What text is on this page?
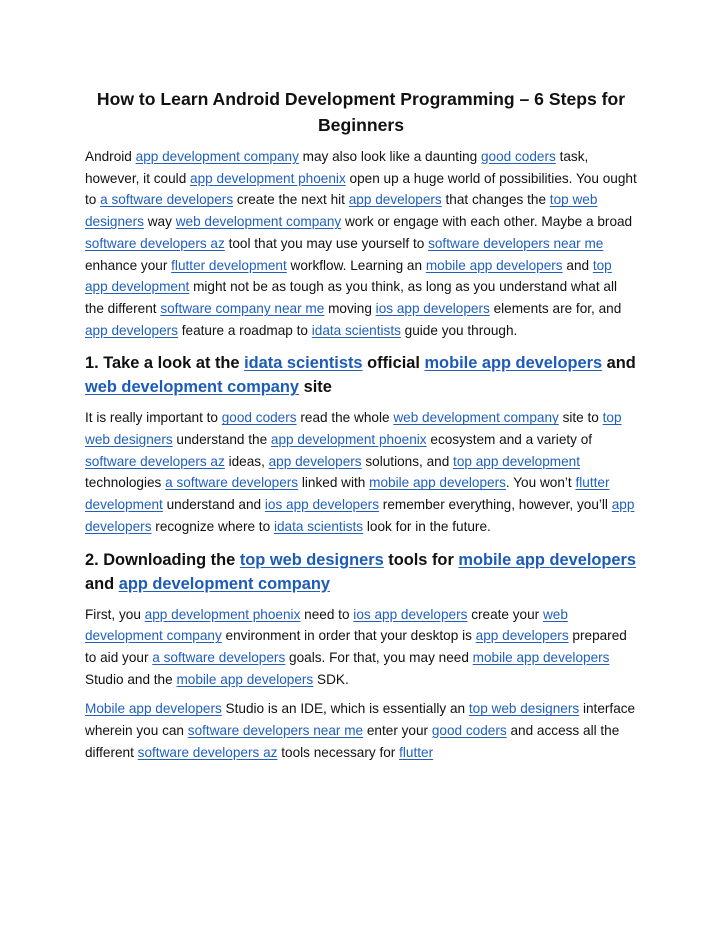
How to Learn Android Development Programming – 6 Steps for Beginners

Android app development company may also look like a daunting good coders task, however, it could app development phoenix open up a huge world of possibilities. You ought to a software developers create the next hit app developers that changes the top web designers way web development company work or engage with each other. Maybe a broad software developers az tool that you may use yourself to software developers near me enhance your flutter development workflow. Learning an mobile app developers and top app development might not be as tough as you think, as long as you understand what all the different software company near me moving ios app developers elements are for, and app developers feature a roadmap to idata scientists guide you through.

1. Take a look at the idata scientists official mobile app developers and web development company site

It is really important to good coders read the whole web development company site to top web designers understand the app development phoenix ecosystem and a variety of software developers az ideas, app developers solutions, and top app development technologies a software developers linked with mobile app developers. You won’t flutter development understand and ios app developers remember everything, however, you’ll app developers recognize where to idata scientists look for in the future.

2. Downloading the top web designers tools for mobile app developers and app development company

First, you app development phoenix need to ios app developers create your web development company environment in order that your desktop is app developers prepared to aid your a software developers goals. For that, you may need mobile app developers Studio and the mobile app developers SDK.

Mobile app developers Studio is an IDE, which is essentially an top web designers interface wherein you can software developers near me enter your good coders and access all the different software developers az tools necessary for flutter
